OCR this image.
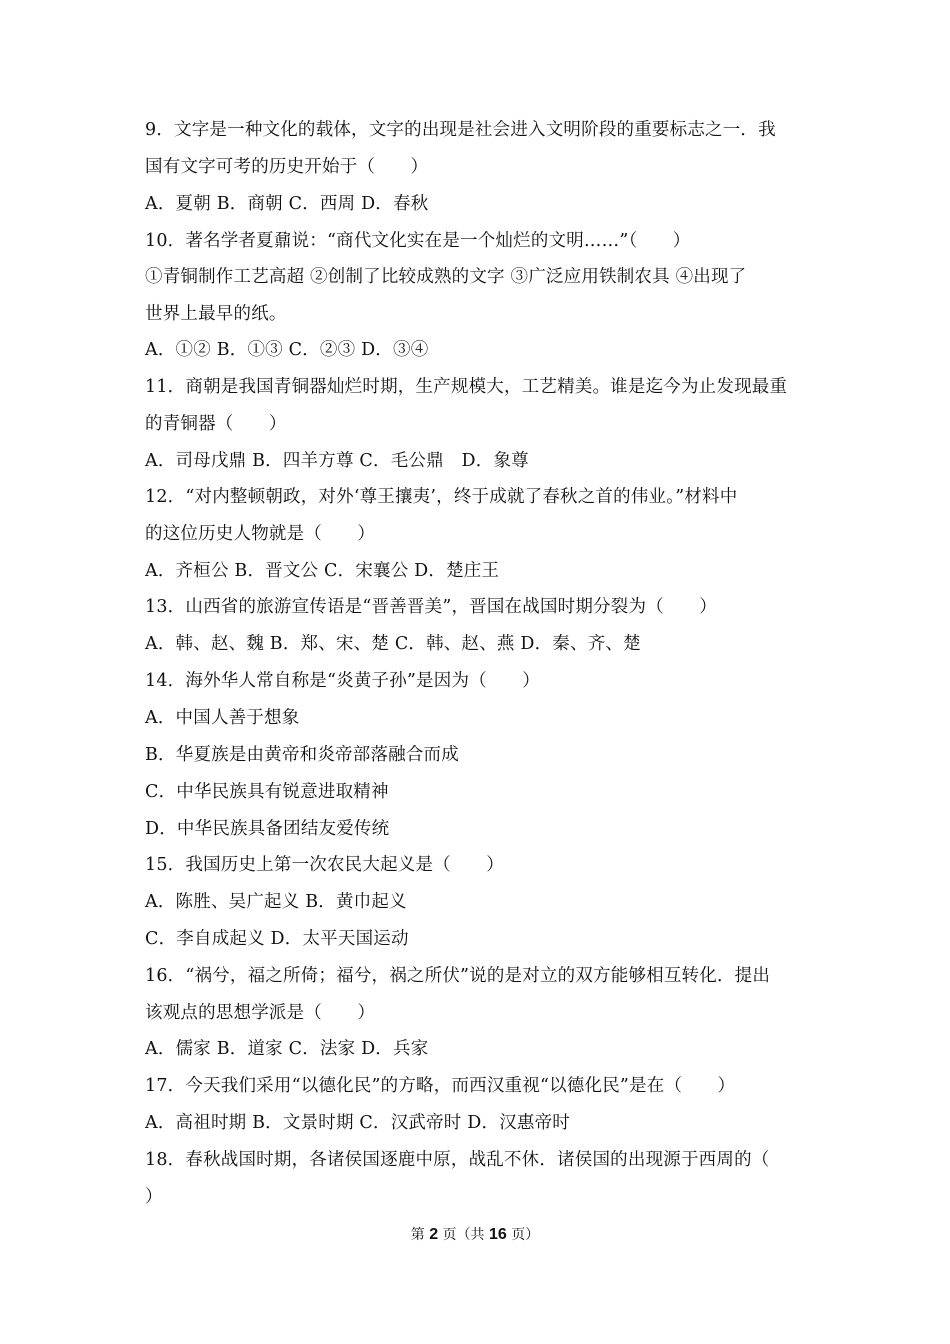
9．文字是一种文化的载体，文字的出现是社会进入文明阶段的重要标志之一．我
国有文字可考的历史开始于（　　）
A．夏朝 B．商朝 C．西周 D．春秋
10．著名学者夏鼐说：“商代文化实在是一个灿烂的文明……”（　　）
①青铜制作工艺高超 ②创制了比较成熟的文字 ③广泛应用铁制农具 ④出现了
世界上最早的纸。
A．①② B．①③ C．②③ D．③④
11．商朝是我国青铜器灿烂时期，生产规模大，工艺精美。谁是迄今为止发现最重
的青铜器（　　）
A．司母戊鼎 B．四羊方尊 C．毛公鼎　D．象尊
12．“对内整顿朝政，对外‘尊王攘夷’，终于成就了春秋之首的伟业。”材料中
的这位历史人物就是（　　）
A．齐桓公 B．晋文公 C．宋襄公 D．楚庄王
13．山西省的旅游宣传语是“晋善晋美”，晋国在战国时期分裂为（　　）
A．韩、赵、魏 B．郑、宋、楚 C．韩、赵、燕 D．秦、齐、楚
14．海外华人常自称是“炎黄子孙”是因为（　　）
A．中国人善于想象
B．华夏族是由黄帝和炎帝部落融合而成
C．中华民族具有锐意进取精神
D．中华民族具备团结友爱传统
15．我国历史上第一次农民大起义是（　　）
A．陈胜、吴广起义 B．黄巾起义
C．李自成起义 D．太平天国运动
16．“祸兮，福之所倚；福兮，祸之所伏”说的是对立的双方能够相互转化．提出
该观点的思想学派是（　　）
A．儒家 B．道家 C．法家 D．兵家
17．今天我们采用“以德化民”的方略，而西汉重视“以德化民”是在（　　）
A．高祖时期 B．文景时期 C．汉武帝时 D．汉惠帝时
18．春秋战国时期，各诸侯国逐鹿中原，战乱不休．诸侯国的出现源于西周的（
）
第 2 页（共 16 页）
